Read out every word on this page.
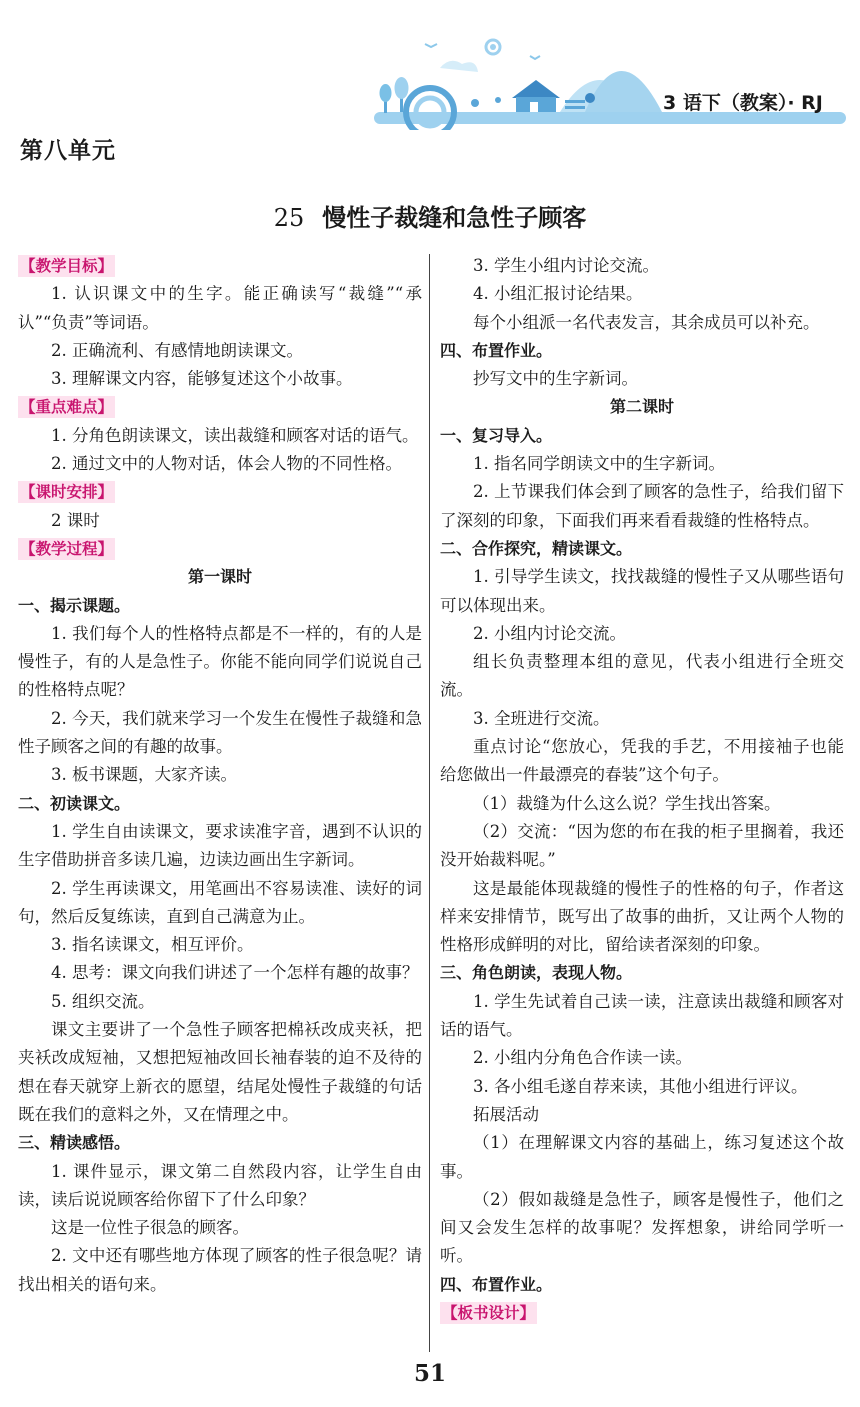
3 语下（教案）· RJ
第八单元
25 慢性子裁缝和急性子顾客
【教学目标】
1. 认识课文中的生字。能正确读写“裁缝”“承认”“负责”等词语。
2. 正确流利、有感情地朗读课文。
3. 理解课文内容，能够复述这个小故事。
【重点难点】
1. 分角色朗读课文，读出裁缝和顾客对话的语气。
2. 通过文中的人物对话，体会人物的不同性格。
【课时安排】
2 课时
【教学过程】
第一课时
一、揭示课题。
1. 我们每个人的性格特点都是不一样的，有的人是慢性子，有的人是急性子。你能不能向同学们说说自己的性格特点呢？
2. 今天，我们就来学习一个发生在慢性子裁缝和急性子顾客之间的有趣的故事。
3. 板书课题，大家齐读。
二、初读课文。
1. 学生自由读课文，要求读准字音，遇到不认识的生字借助拼音多读几遍，边读边画出生字新词。
2. 学生再读课文，用笔画出不容易读准、读好的词句，然后反复练读，直到自己满意为止。
3. 指名读课文，相互评价。
4. 思考：课文向我们讲述了一个怎样有趣的故事？
5. 组织交流。
课文主要讲了一个急性子顾客把棉袄改成夹袄，把夹袄改成短袖，又想把短袖改回长袖春装的迫不及待的想在春天就穿上新衣的愿望，结尾处慢性子裁缝的句话既在我们的意料之外，又在情理之中。
三、精读感悟。
1. 课件显示，课文第二自然段内容，让学生自由读，读后说说顾客给你留下了什么印象？
这是一位性子很急的顾客。
2. 文中还有哪些地方体现了顾客的性子很急呢？请找出相关的语句来。
3. 学生小组内讨论交流。
4. 小组汇报讨论结果。
每个小组派一名代表发言，其余成员可以补充。
四、布置作业。
抄写文中的生字新词。
第二课时
一、复习导入。
1. 指名同学朗读文中的生字新词。
2. 上节课我们体会到了顾客的急性子，给我们留下了深刻的印象，下面我们再来看看裁缝的性格特点。
二、合作探究，精读课文。
1. 引导学生读文，找找裁缝的慢性子又从哪些语句可以体现出来。
2. 小组内讨论交流。
组长负责整理本组的意见，代表小组进行全班交流。
3. 全班进行交流。
重点讨论“您放心，凭我的手艺，不用接袖子也能给您做出一件最漂亮的春装”这个句子。
（1）裁缝为什么这么说？学生找出答案。
（2）交流：“因为您的布在我的柜子里搁着，我还没开始裁料呢。”
这是最能体现裁缝的慢性子的性格的句子，作者这样来安排情节，既写出了故事的曲折，又让两个人物的性格形成鲜明的对比，留给读者深刻的印象。
三、角色朗读，表现人物。
1. 学生先试着自己读一读，注意读出裁缝和顾客对话的语气。
2. 小组内分角色合作读一读。
3. 各小组毛遂自荐来读，其他小组进行评议。
拓展活动
（1）在理解课文内容的基础上，练习复述这个故事。
（2）假如裁缝是急性子，顾客是慢性子，他们之间又会发生怎样的故事呢？发挥想象，讲给同学听一听。
四、布置作业。
【板书设计】
51
